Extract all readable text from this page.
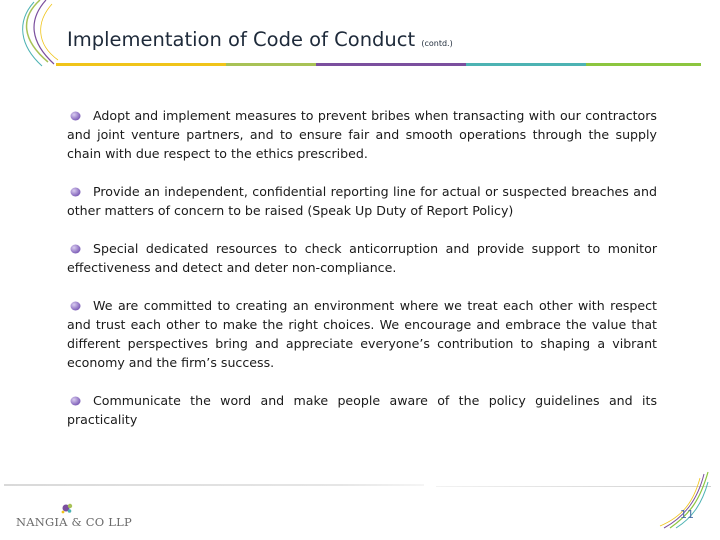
Implementation of Code of Conduct (contd.)

Adopt and implement measures to prevent bribes when transacting with our contractors and joint venture partners, and to ensure fair and smooth operations through the supply chain with due respect to the ethics prescribed.

Provide an independent, confidential reporting line for actual or suspected breaches and other matters of concern to be raised (Speak Up Duty of Report Policy)

Special dedicated resources to check anticorruption and provide support to monitor effectiveness and detect and deter non-compliance.

We are committed to creating an environment where we treat each other with respect and trust each other to make the right choices. We encourage and embrace the value that different perspectives bring and appreciate everyone’s contribution to shaping a vibrant economy and the firm’s success.

Communicate the word and make people aware of the policy guidelines and its practicality

NANGIA & CO LLP
11
